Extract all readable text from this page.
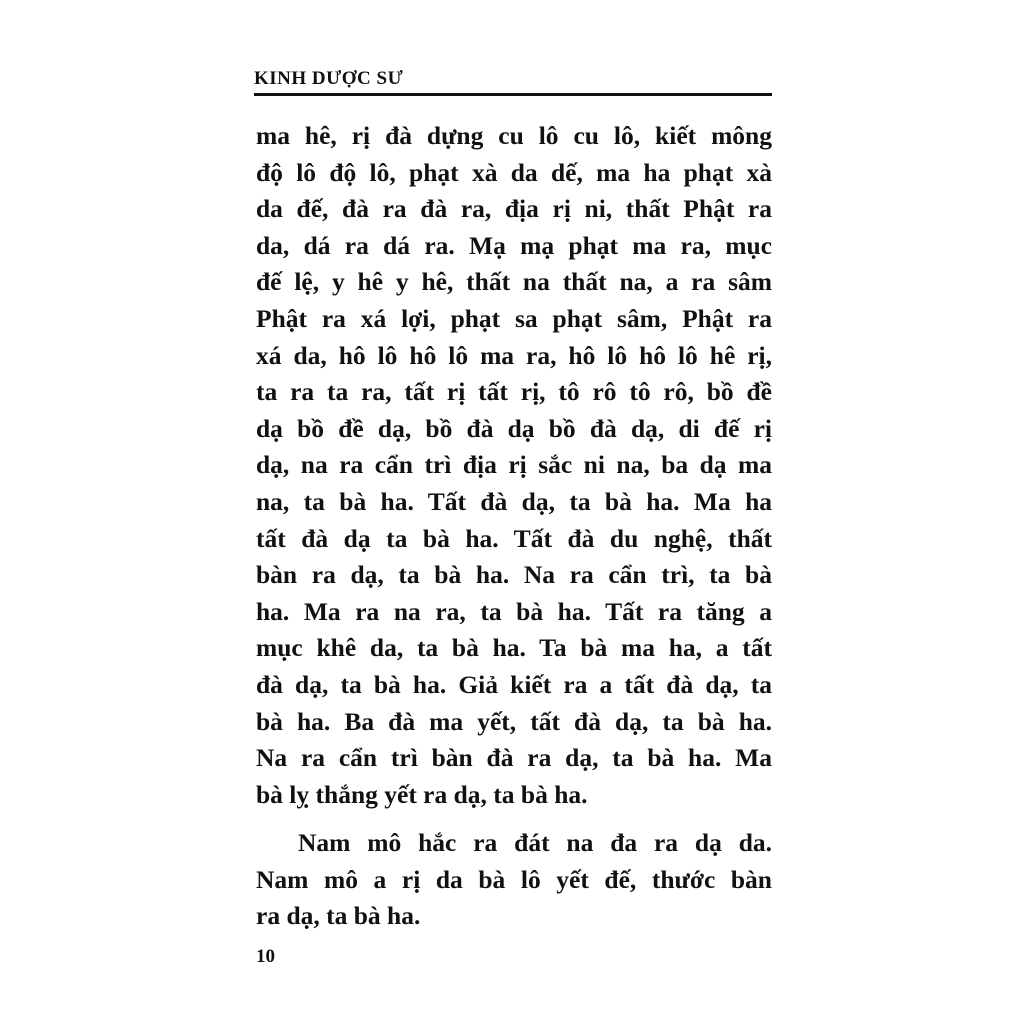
KINH DƯỢC SƯ
ma hê, rị đà dựng cu lô cu lô, kiết mông
độ lô độ lô, phạt xà da dế, ma ha phạt xà
da đế, đà ra đà ra, địa rị ni, thất Phật ra
da, dá ra dá ra. Mạ mạ phạt ma ra, mục
đế lệ, y hê y hê, thất na thất na, a ra sâm
Phật ra xá lợi, phạt sa phạt sâm, Phật ra
xá da, hô lô hô lô ma ra, hô lô hô lô hê rị,
ta ra ta ra, tất rị tất rị, tô rô tô rô, bồ đề
dạ bồ đề dạ, bồ đà dạ bồ đà dạ, di đế rị
dạ, na ra cẩn trì địa rị sắc ni na, ba dạ ma
na, ta bà ha. Tất đà dạ, ta bà ha. Ma ha
tất đà dạ ta bà ha. Tất đà du nghệ, thất
bàn ra dạ, ta bà ha. Na ra cẩn trì, ta bà
ha. Ma ra na ra, ta bà ha. Tất ra tăng a
mục khê da, ta bà ha. Ta bà ma ha, a tất
đà dạ, ta bà ha. Giả kiết ra a tất đà dạ, ta
bà ha. Ba đà ma yết, tất đà dạ, ta bà ha.
Na ra cẩn trì bàn đà ra dạ, ta bà ha. Ma
bà lỵ thắng yết ra dạ, ta bà ha.
Nam mô hắc ra đát na đa ra dạ da.
Nam mô a rị da bà lô yết đế, thước bàn
ra dạ, ta bà ha.
10
